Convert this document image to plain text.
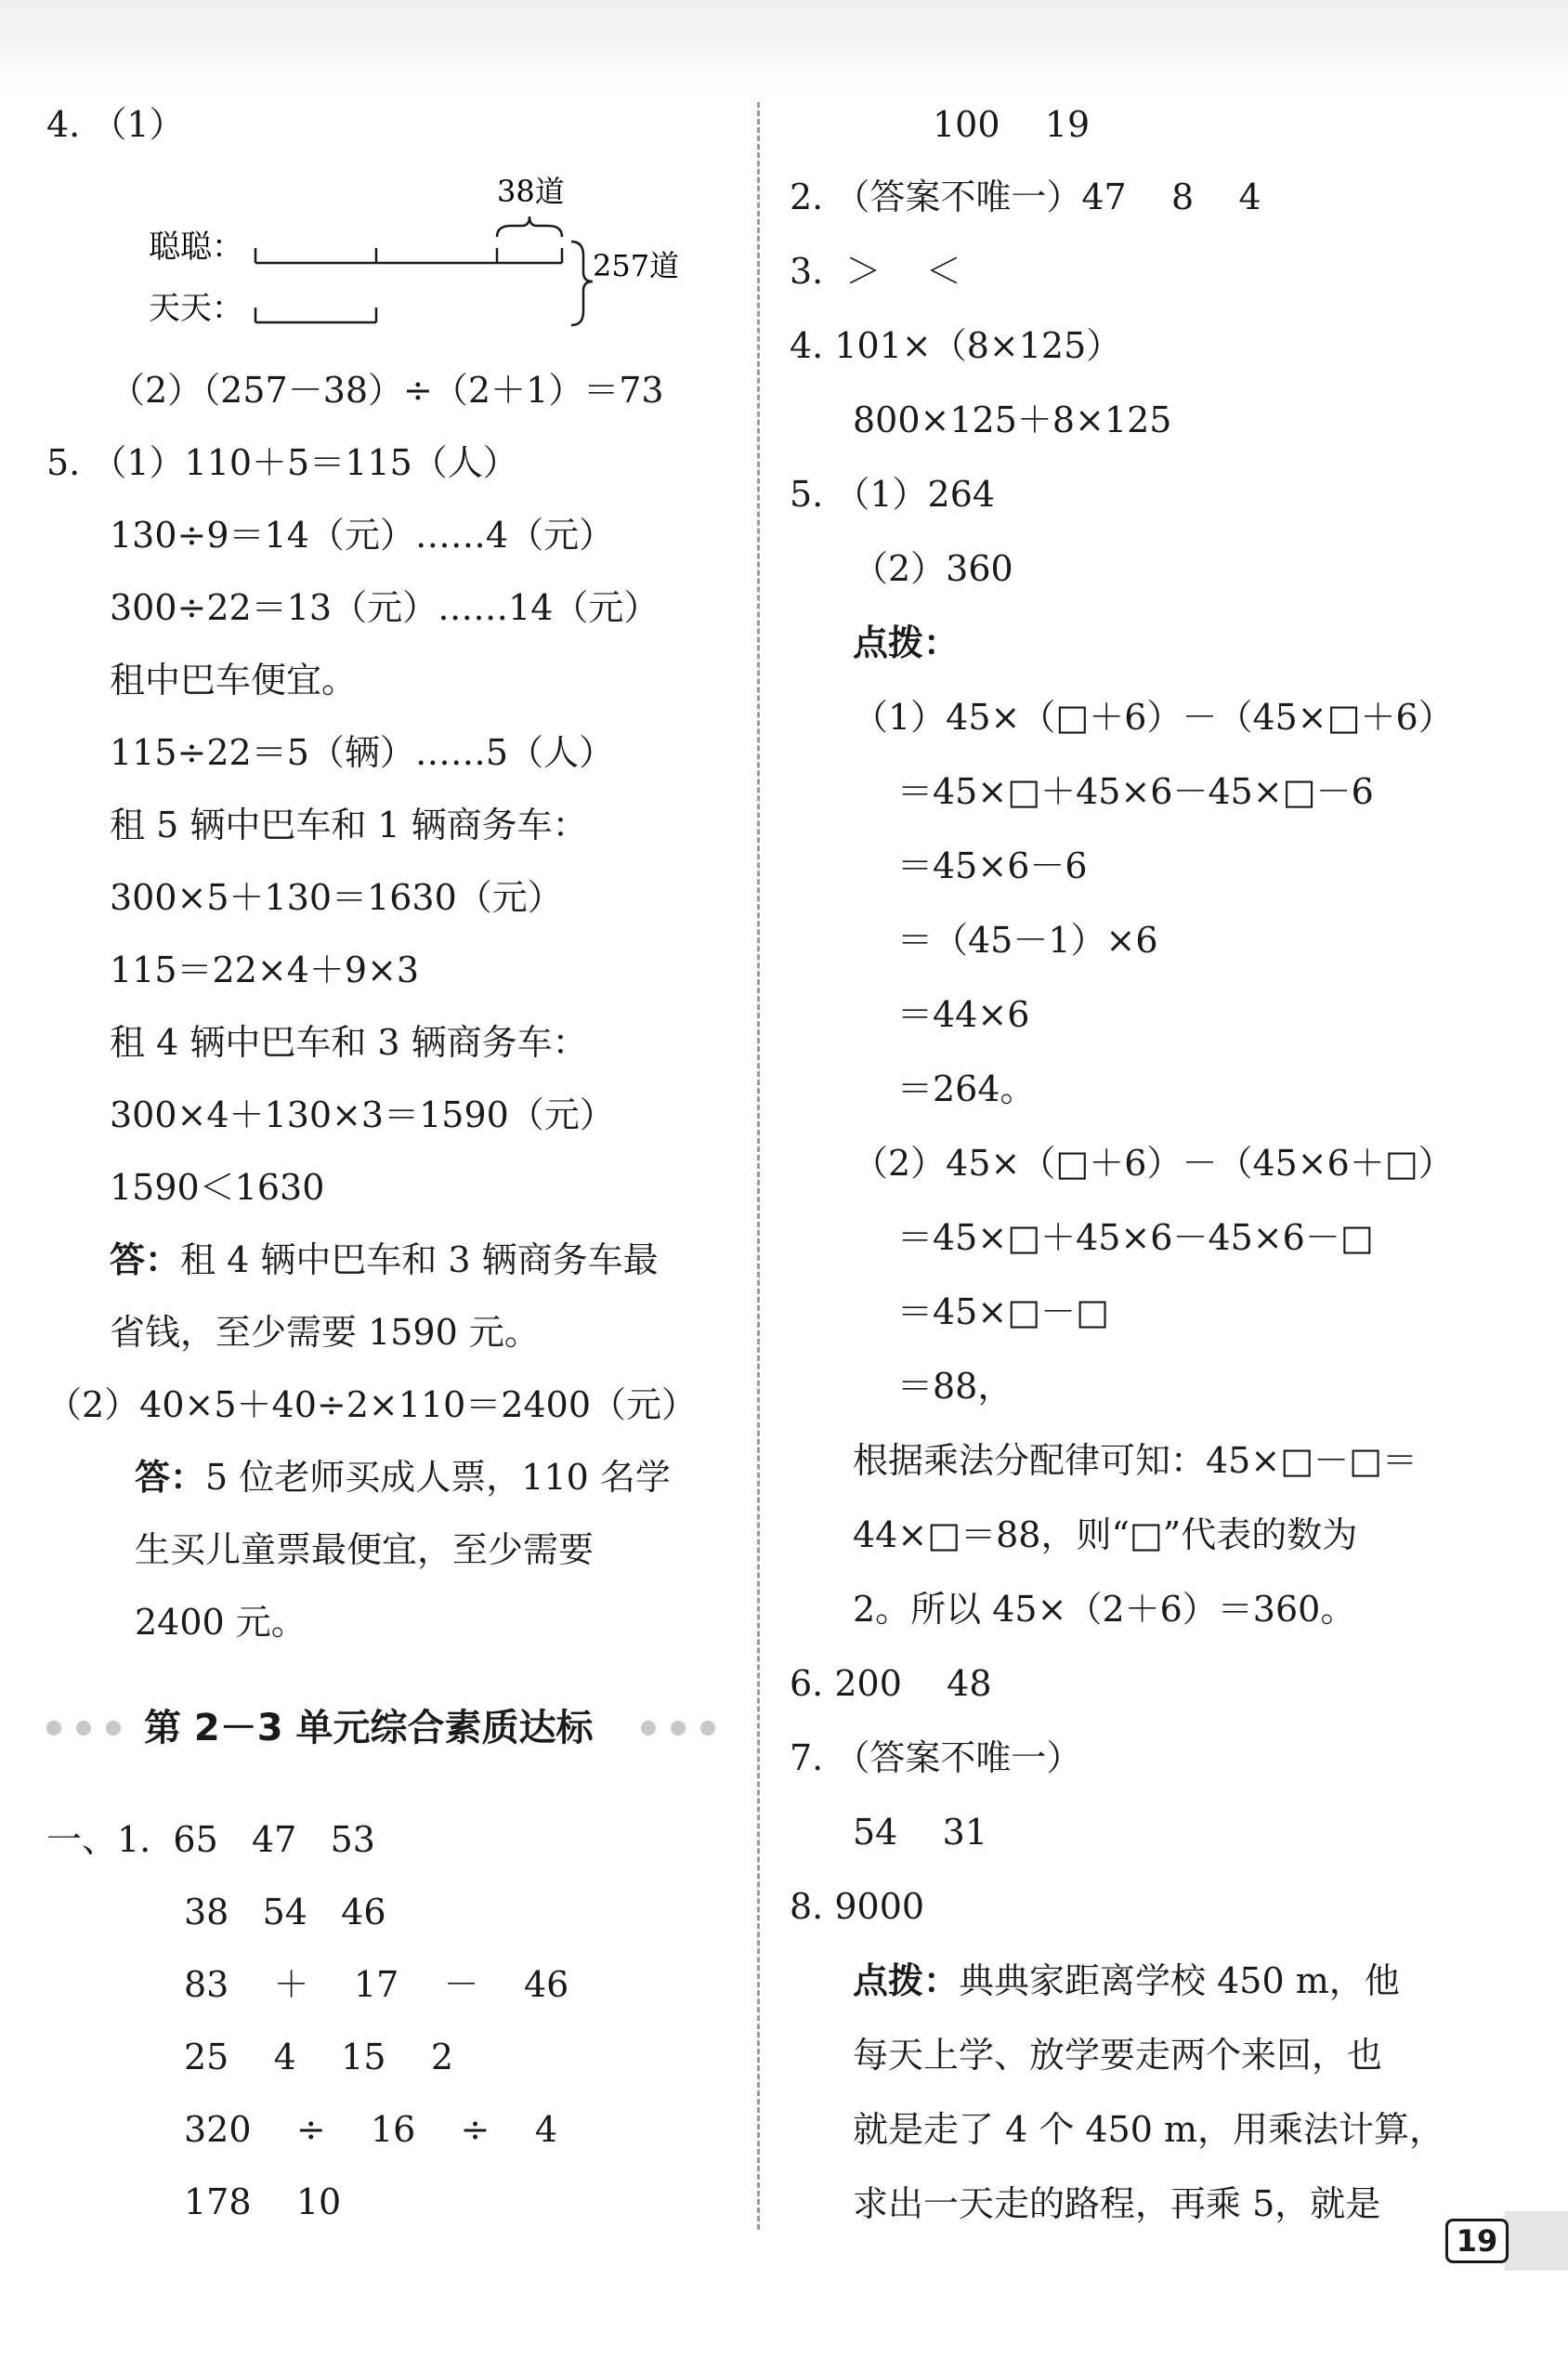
4. （1）
聪聪：
天天：
38道
257道
（2）（257－38）÷（2＋1）＝73
5. （1）110＋5＝115（人）
130÷9＝14（元）……4（元）
300÷22＝13（元）……14（元）
租中巴车便宜。
115÷22＝5（辆）……5（人）
租 5 辆中巴车和 1 辆商务车：
300×5＋130＝1630（元）
115＝22×4＋9×3
租 4 辆中巴车和 3 辆商务车：
300×4＋130×3＝1590（元）
1590＜1630
答：租 4 辆中巴车和 3 辆商务车最
省钱，至少需要 1590 元。
（2）40×5＋40÷2×110＝2400（元）
答：5 位老师买成人票，110 名学
生买儿童票最便宜，至少需要
2400 元。
第 2－3 单元综合素质达标
一、1.  65   47   53
38   54   46
83    ＋    17    －    46
25    4    15    2
320    ÷    16    ÷    4
178    10
100    19
2. （答案不唯一）47    8    4
3.  ＞    ＜
4. 101×（8×125）
800×125＋8×125
5. （1）264
（2）360
点拨：
（1）45×（□＋6）－（45×□＋6）
＝45×□＋45×6－45×□－6
＝45×6－6
＝（45－1）×6
＝44×6
＝264。
（2）45×（□＋6）－（45×6＋□）
＝45×□＋45×6－45×6－□
＝45×□－□
＝88，
根据乘法分配律可知：45×□－□＝
44×□＝88，则“□”代表的数为
2。所以 45×（2＋6）＝360。
6. 200    48
7. （答案不唯一）
54    31
8. 9000
点拨：典典家距离学校 450 m，他
每天上学、放学要走两个来回，也
就是走了 4 个 450 m，用乘法计算，
求出一天走的路程，再乘 5，就是
19
